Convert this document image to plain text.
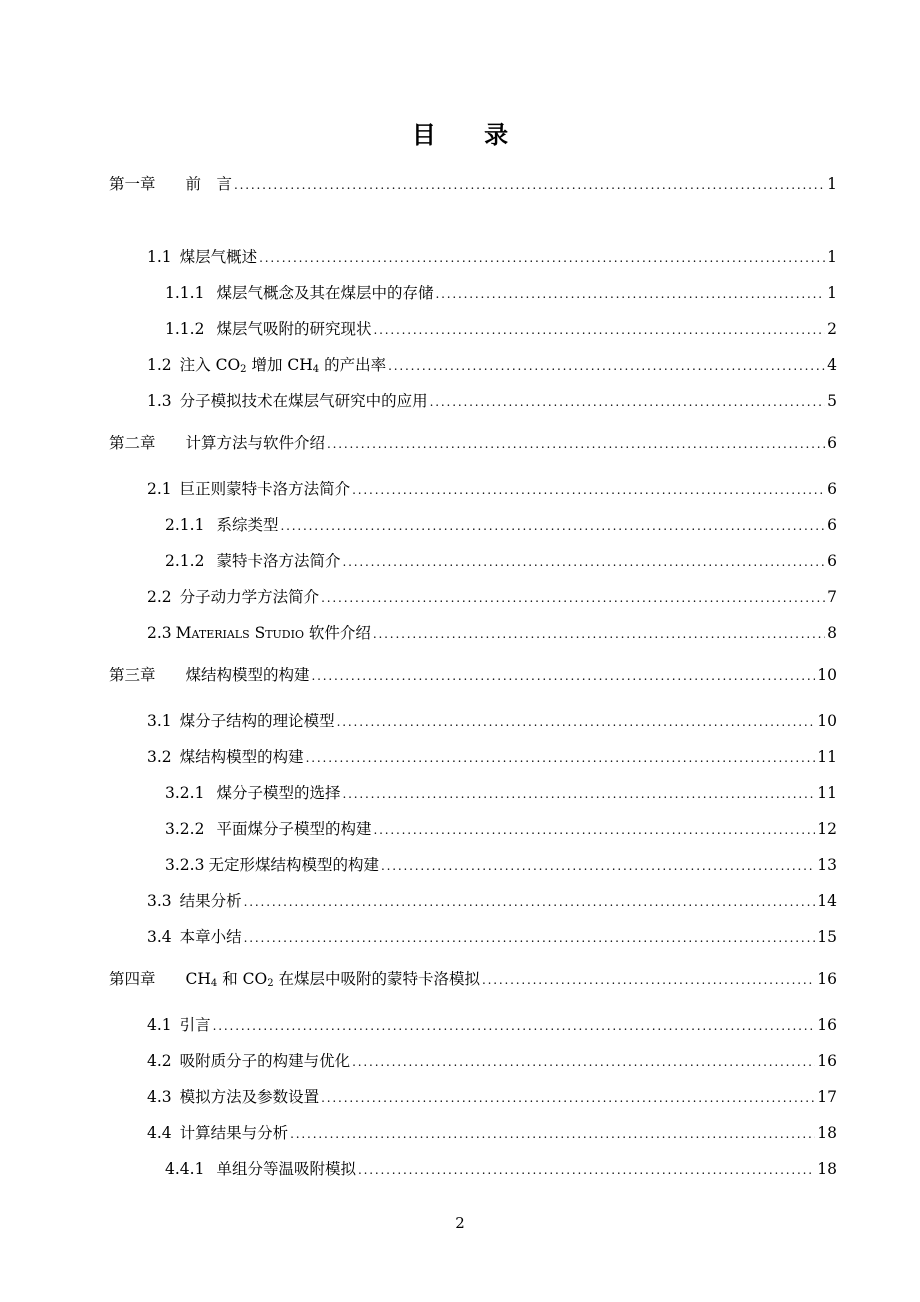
目 录
第一章 前　言 . . .	1
1.1 煤层气概述 . . .	1
1.1.1 煤层气概念及其在煤层中的存储 . . .	1
1.1.2 煤层气吸附的研究现状 . . .	2
1.2 注入 $CO_2$ 增加 $CH_4$ 的产出率 . . .	4
1.3 分子模拟技术在煤层气研究中的应用 . . .	5
第二章 计算方法与软件介绍 . . .	6
2.1 巨正则蒙特卡洛方法简介 . . .	6
2.1.1 系综类型 . . .	6
2.1.2 蒙特卡洛方法简介 . . .	6
2.2 分子动力学方法简介 . . .	7
2.3 Materials Studio 软件介绍 . . .	8
第三章 煤结构模型的构建 . . .	10
3.1 煤分子结构的理论模型 . . .	10
3.2 煤结构模型的构建 . . .	11
3.2.1 煤分子模型的选择 . . .	11
3.2.2 平面煤分子模型的构建 . . .	12
3.2.3 无定形煤结构模型的构建 . . .	13
3.3 结果分析 . . .	14
3.4 本章小结 . . .	15
第四章 $CH_4$ 和 $CO_2$ 在煤层中吸附的蒙特卡洛模拟 . . .	16
4.1 引言 . . .	16
4.2 吸附质分子的构建与优化 . . .	16
4.3 模拟方法及参数设置 . . .	17
4.4 计算结果与分析 . . .	18
4.4.1 单组分等温吸附模拟 . . .	18
2
